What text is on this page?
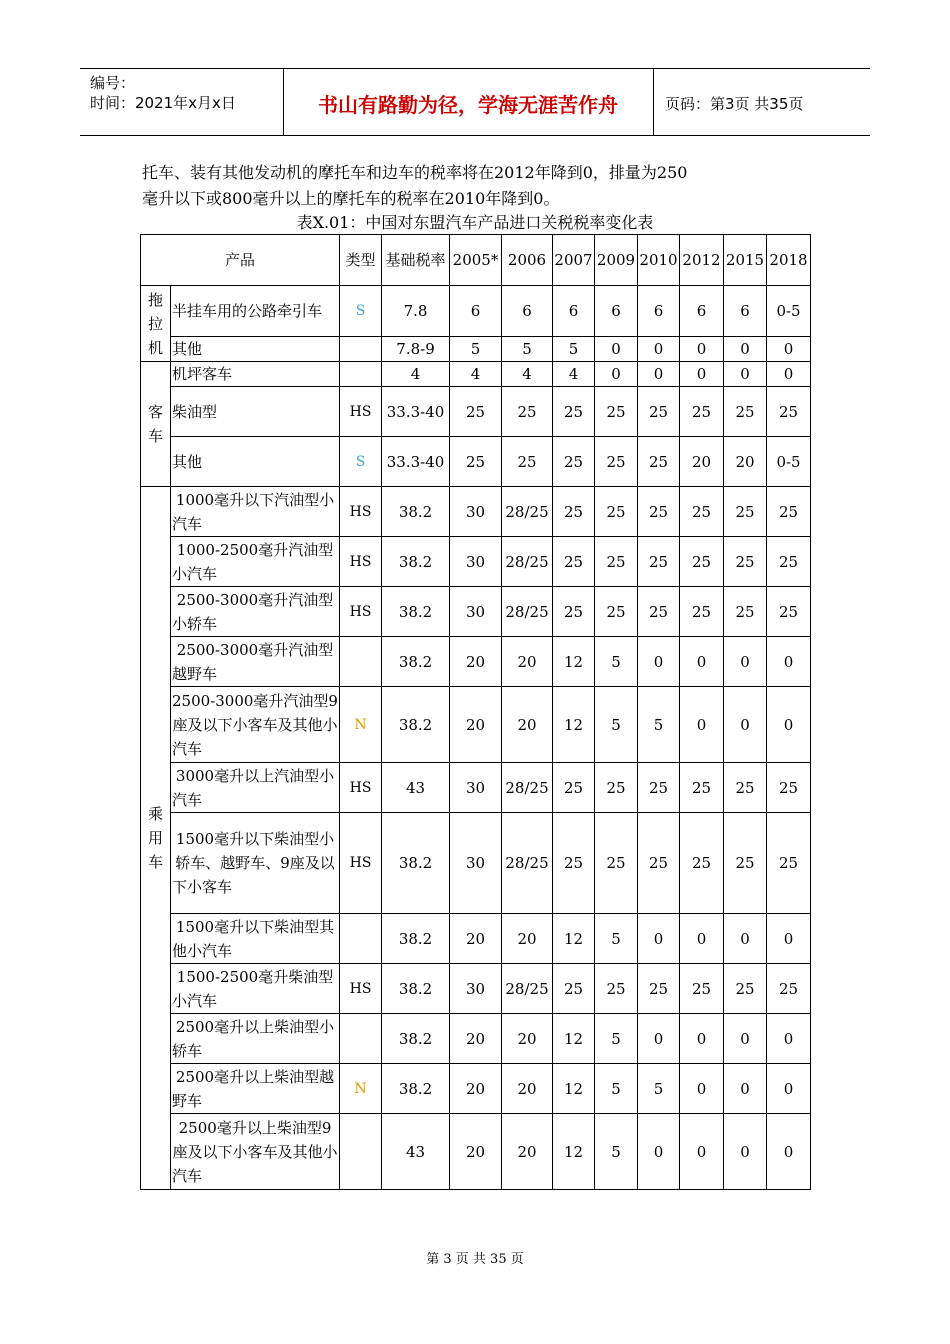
编号：
时间：2021年x月x日	书山有路勤为径，学海无涯苦作舟	页码：第3页 共35页
托车、装有其他发动机的摩托车和边车的税率将在2012年降到0，排量为250
毫升以下或800毫升以上的摩托车的税率在2010年降到0。
表X.01：中国对东盟汽车产品进口关税税率变化表
产品		类型	基础税率	2005*	2006	2007	2009	2010	2012	2015	2018
拖拉机	半挂车用的公路牵引车	S	7.8	6	6	6	6	6	6	6	0-5
	其他		7.8-9	5	5	5	0	0	0	0	0
客车	机坪客车		4	4	4	4	0	0	0	0	0
	柴油型	HS	33.3-40	25	25	25	25	25	25	25	25
	其他	S	33.3-40	25	25	25	25	25	20	20	0-5
乘用车	1000毫升以下汽油型小汽车	HS	38.2	30	28/25	25	25	25	25	25	25
	1000-2500毫升汽油型小汽车	HS	38.2	30	28/25	25	25	25	25	25	25
	2500-3000毫升汽油型小轿车	HS	38.2	30	28/25	25	25	25	25	25	25
	2500-3000毫升汽油型越野车		38.2	20	20	12	5	0	0	0	0
	2500-3000毫升汽油型9座及以下小客车及其他小汽车	N	38.2	20	20	12	5	5	0	0	0
	3000毫升以上汽油型小汽车	HS	43	30	28/25	25	25	25	25	25	25
	1500毫升以下柴油型小轿车、越野车、9座及以下小客车	HS	38.2	30	28/25	25	25	25	25	25	25
	1500毫升以下柴油型其他小汽车		38.2	20	20	12	5	0	0	0	0
	1500-2500毫升柴油型小汽车	HS	38.2	30	28/25	25	25	25	25	25	25
	2500毫升以上柴油型小轿车		38.2	20	20	12	5	0	0	0	0
	2500毫升以上柴油型越野车	N	38.2	20	20	12	5	5	0	0	0
	2500毫升以上柴油型9座及以下小客车及其他小汽车		43	20	20	12	5	0	0	0	0
第 3 页 共 35 页
